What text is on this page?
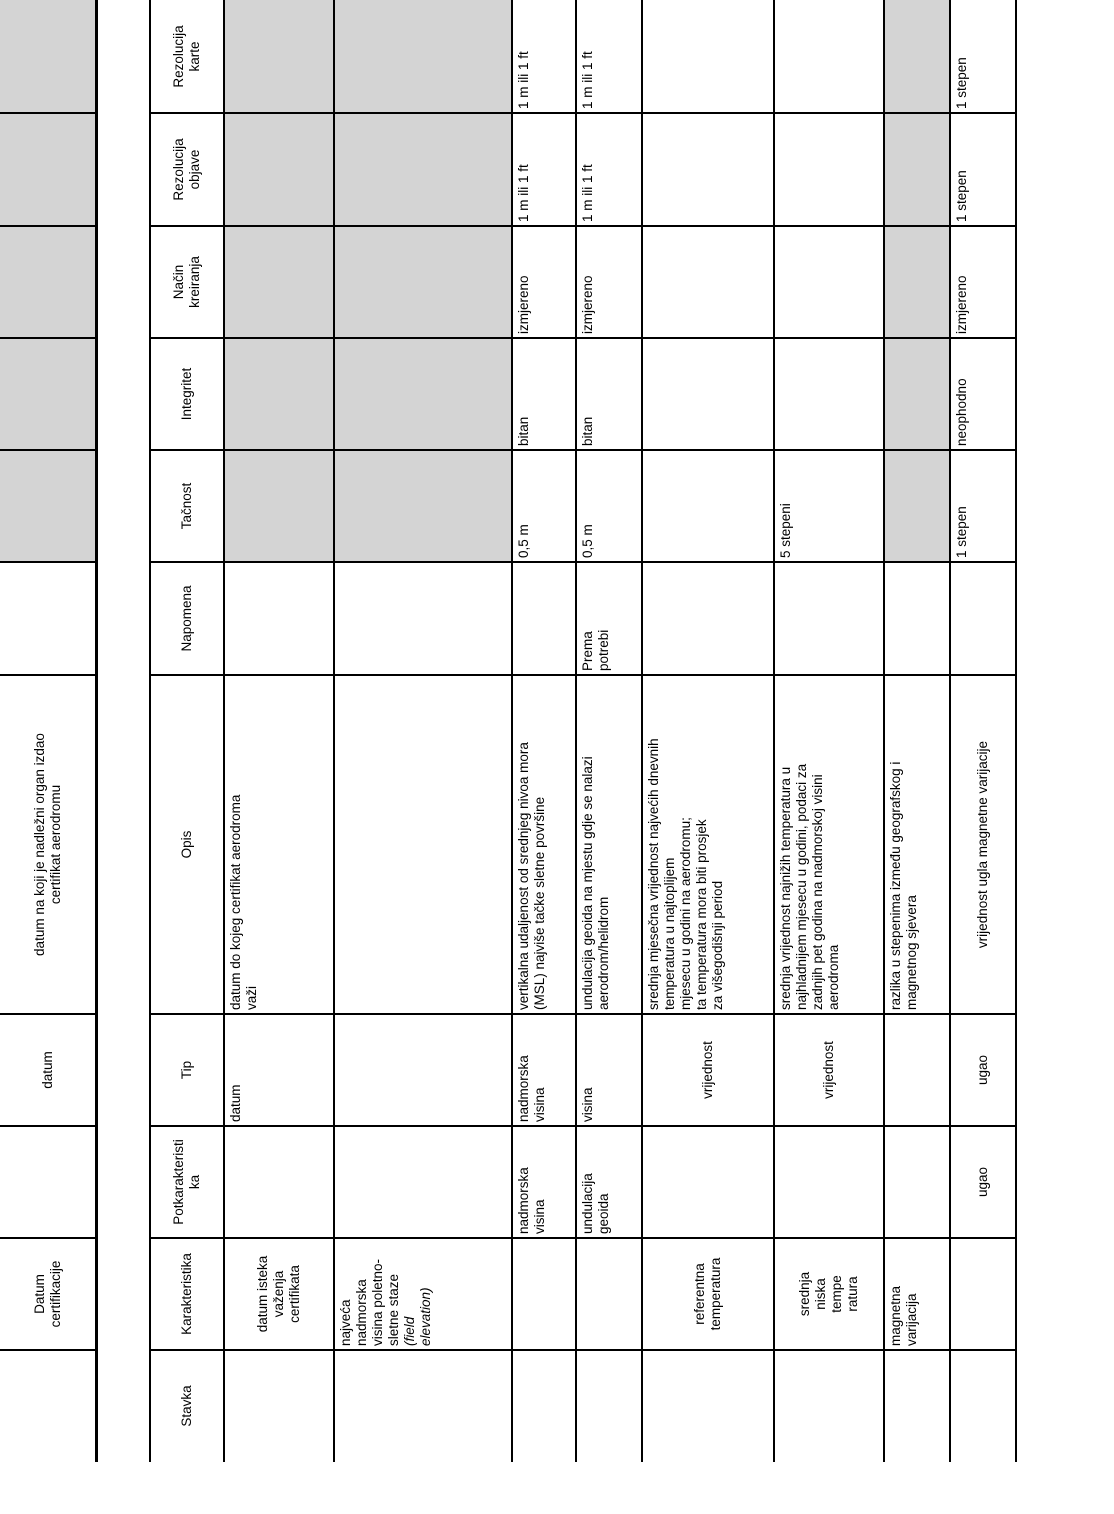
Datum certifikacije
datum
datum na koji je nadležni organ izdao certifikat aerodromu
Stavka
Karakteristika
Potkarakteristi ka
Tip
Opis
Napomena
Tačnost
Integritet
Način kreiranja
Rezolucija objave
Rezolucija karte
datum isteka važenja certifikata
datum
datum do kojeg certifikat aerodroma važi
najveća nadmorska visina poletno- sletne staze (field elevation)
nadmorska visina
nadmorska visina
vertikalna udaljenost od srednjeg nivoa mora (MSL) najviše tačke sletne površine
0,5 m
bitan
izmjereno
1 m ili 1 ft
1 m ili 1 ft
undulacija geoida
visina
undulacija geoida na mjestu gdje se nalazi aerodrom/helidrom
Prema potrebi
0,5 m
bitan
izmjereno
1 m ili 1 ft
1 m ili 1 ft
referentna temperatura
vrijednost
srednja mjesečna vrijednost najvećih dnevnih temperatura u najtoplijem mjesecu u godini na aerodromu; ta temperatura mora biti prosjek za višegodišnji period
srednja niska tempe ratura
vrijednost
srednja vrijednost najnižih temperatura u najhladnijem mjesecu u godini, podaci za zadnjih pet godina na nadmorskoj visini aerodroma
5 stepeni
magnetna varijacija
razlika u stepenima između geografskog i magnetnog sjevera
ugao
ugao
vrijednost ugla magnetne varijacije
1 stepen
neophodno
izmjereno
1 stepen
1 stepen
